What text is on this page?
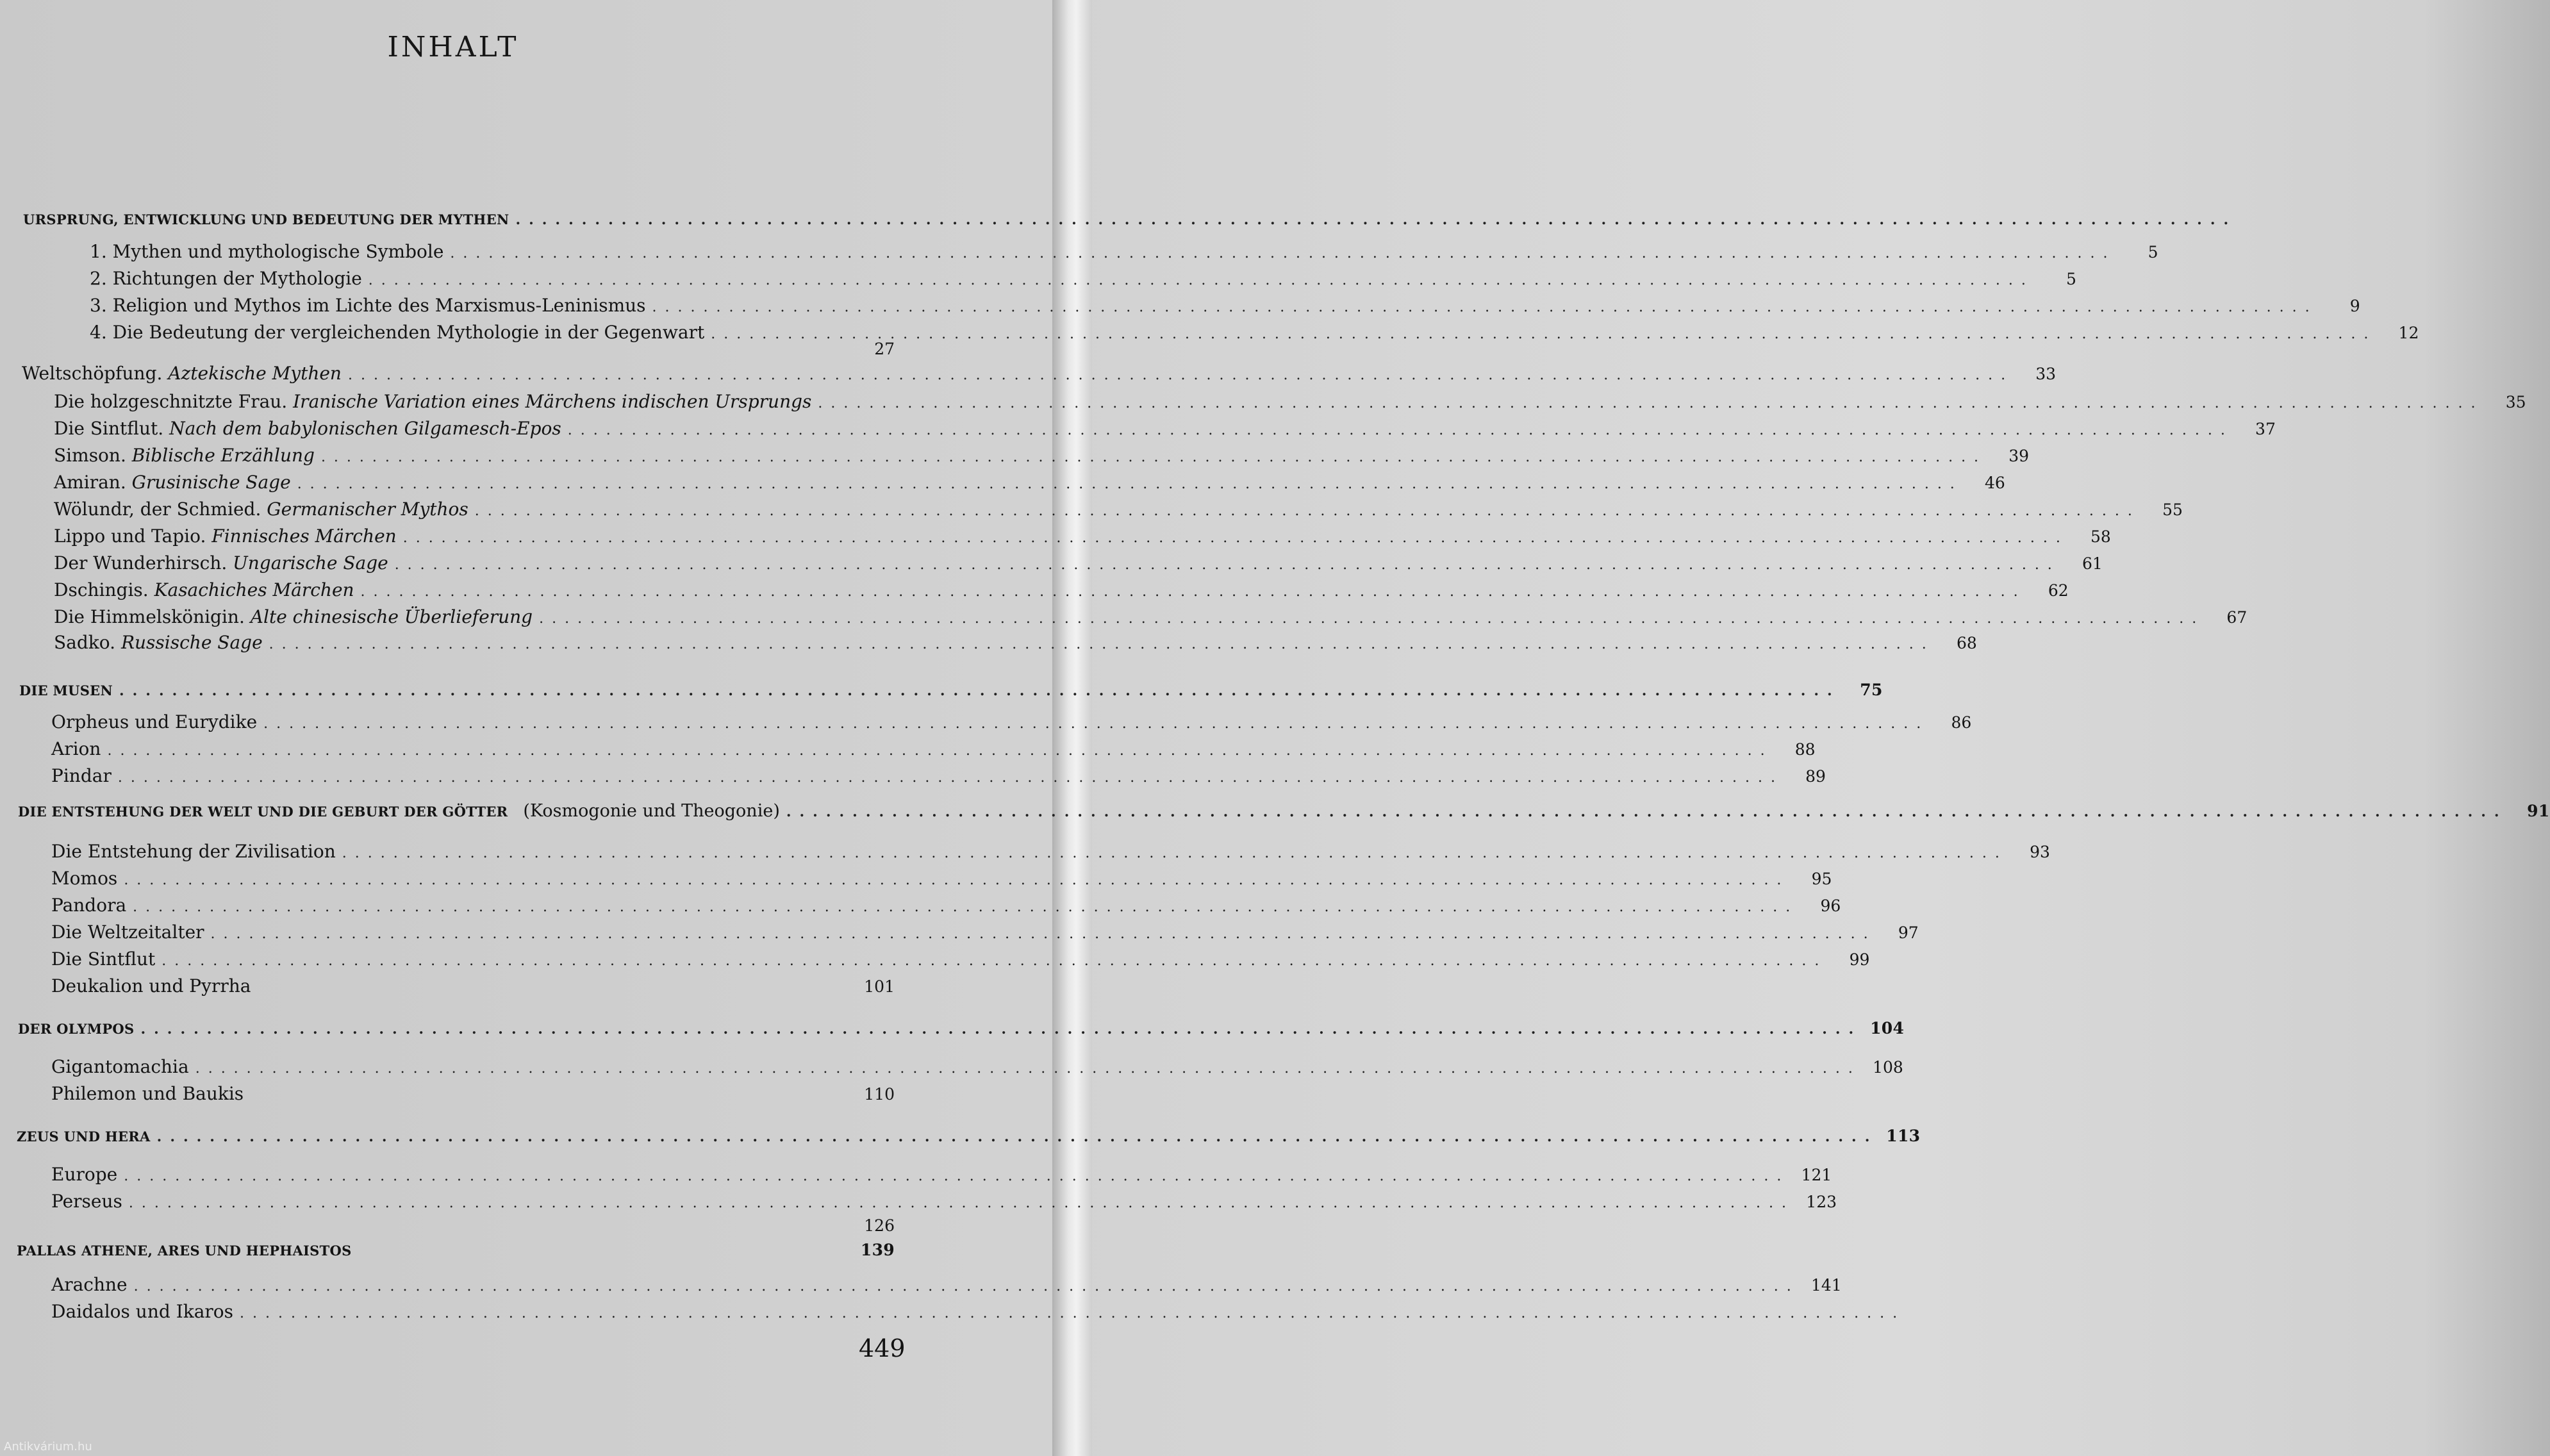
INHALT
URSPRUNG, ENTWICKLUNG UND BEDEUTUNG DER MYTHEN ..................................................................................................................................
1. Mythen und mythologische Symbole ..................................................................................................................................	5
2. Richtungen der Mythologie ..................................................................................................................................	5
3. Religion und Mythos im Lichte des Marxismus-Leninismus ..................................................................................................................................	9
4. Die Bedeutung der vergleichenden Mythologie in der Gegenwart ..................................................................................................................................	12
27
Weltschöpfung. Aztekische Mythen ..................................................................................................................................	33
Die holzgeschnitzte Frau. Iranische Variation eines Märchens indischen Ursprungs ..................................................................................................................................	35
Die Sintflut. Nach dem babylonischen Gilgamesch-Epos ..................................................................................................................................	37
Simson. Biblische Erzählung ..................................................................................................................................	39
Amiran. Grusinische Sage ..................................................................................................................................	46
Wölundr, der Schmied. Germanischer Mythos ..................................................................................................................................	55
Lippo und Tapio. Finnisches Märchen ..................................................................................................................................	58
Der Wunderhirsch. Ungarische Sage ..................................................................................................................................	61
Dschingis. Kasachiches Märchen ..................................................................................................................................	62
Die Himmelskönigin. Alte chinesische Überlieferung ..................................................................................................................................	67
Sadko. Russische Sage ..................................................................................................................................	68
DIE MUSEN ..................................................................................................................................	75
Orpheus und Eurydike ..................................................................................................................................	86
Arion ..................................................................................................................................	88
Pindar ..................................................................................................................................	89
DIE ENTSTEHUNG DER WELT UND DIE GEBURT DER GÖTTER (Kosmogonie und Theogonie) ..................................................................................................................................	91
Die Entstehung der Zivilisation ..................................................................................................................................	93
Momos ..................................................................................................................................	95
Pandora ..................................................................................................................................	96
Die Weltzeitalter ..................................................................................................................................	97
Die Sintflut ..................................................................................................................................	99
Deukalion und Pyrrha	101
DER OLYMPOS .................................................................................................................................. 104
Gigantomachia .................................................................................................................................. 108
Philemon und Baukis	110
ZEUS UND HERA .................................................................................................................................. 113
Europe .................................................................................................................................. 121
Perseus .................................................................................................................................. 123
126
PALLAS ATHENE, ARES UND HEPHAISTOS	139
Arachne .................................................................................................................................. 141
Daidalos und Ikaros ..................................................................................................................................
449
Antikvárium.hu
